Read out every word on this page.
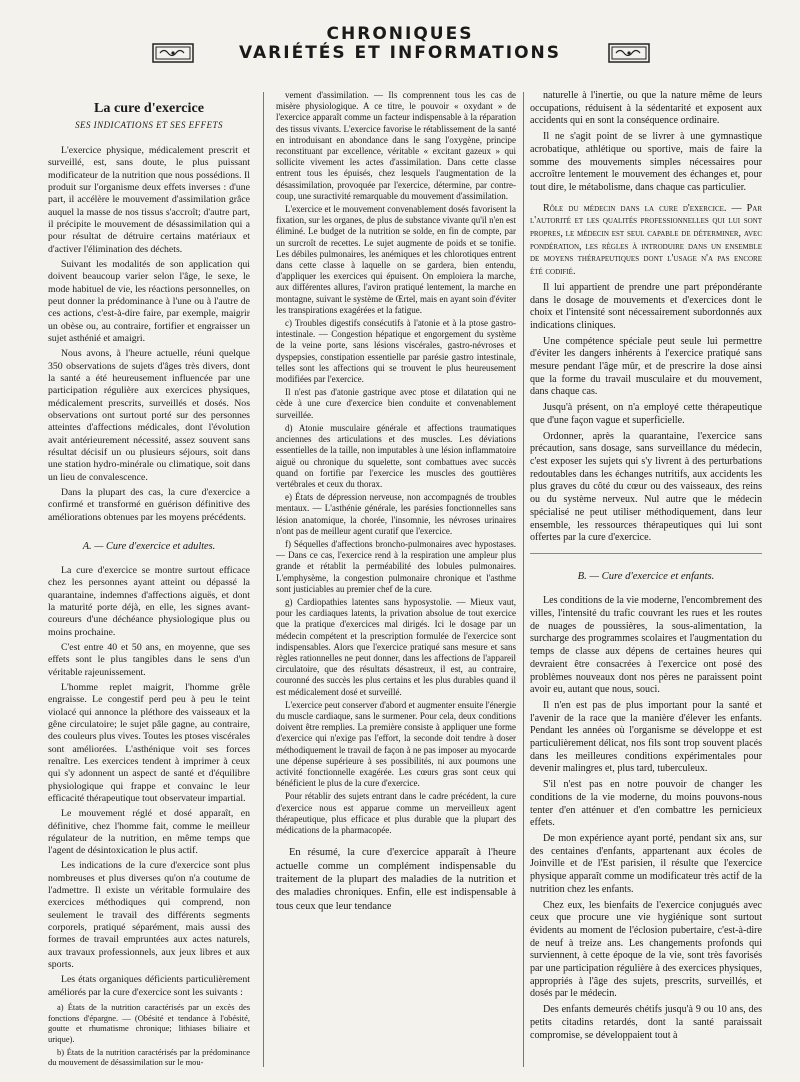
CHRONIQUES
VARIÉTÉS ET INFORMATIONS
La cure d'exercice
SES INDICATIONS ET SES EFFETS

L'exercice physique, médicalement prescrit et surveillé, est, sans doute, le plus puissant modificateur de la nutrition que nous possédions. Il produit sur l'organisme deux effets inverses : d'une part, il accélère le mouvement d'assimilation grâce auquel la masse de nos tissus s'accroît; d'autre part, il précipite le mouvement de désassimilation qui a pour résultat de détruire certains matériaux et d'activer l'élimination des déchets.

Suivant les modalités de son application qui doivent beaucoup varier selon l'âge, le sexe, le mode habituel de vie, les réactions personnelles, on peut donner la prédominance à l'une ou à l'autre de ces actions, c'est-à-dire faire, par exemple, maigrir un obèse ou, au contraire, fortifier et engraisser un sujet asthénié et amaigri.

Nous avons, à l'heure actuelle, réuni quelque 350 observations de sujets d'âges très divers, dont la santé a été heureusement influencée par une participation régulière aux exercices physiques, médicalement prescrits, surveillés et dosés. Nos observations ont surtout porté sur des personnes atteintes d'affections médicales, dont l'évolution avait antérieurement nécessité, assez souvent sans résultat décisif un ou plusieurs séjours, soit dans une station hydro-minérale ou climatique, soit dans un lieu de convalescence.

Dans la plupart des cas, la cure d'exercice a confirmé et transformé en guérison définitive des améliorations obtenues par les moyens précédents.

A. — Cure d'exercice et adultes.

La cure d'exercice se montre surtout efficace chez les personnes ayant atteint ou dépassé la quarantaine, indemnes d'affections aiguës, et dont la maturité porte déjà, en elle, les signes avant-coureurs d'une déchéance physiologique plus ou moins prochaine.

C'est entre 40 et 50 ans, en moyenne, que ses effets sont le plus tangibles dans le sens d'un véritable rajeunissement.

L'homme replet maigrit, l'homme grêle engraisse. Le congestif perd peu à peu le teint violacé qui annonce la pléthore des vaisseaux et la gêne circulatoire; le sujet pâle gagne, au contraire, des couleurs plus vives. Toutes les ptoses viscérales sont améliorées. L'asthénique voit ses forces renaître. Les exercices tendent à imprimer à ceux qui s'y adonnent un aspect de santé et d'équilibre physiologique qui frappe et convainc le leur efficacité thérapeutique tout observateur impartial.

Le mouvement réglé et dosé apparaît, en définitive, chez l'homme fait, comme le meilleur régulateur de la nutrition, en même temps que l'agent de désintoxication le plus actif.

Les indications de la cure d'exercice sont plus nombreuses et plus diverses qu'on n'a coutume de l'admettre. Il existe un véritable formulaire des exercices méthodiques qui comprend, non seulement le travail des différents segments corporels, pratiqué séparément, mais aussi des formes de travail empruntées aux actes naturels, aux travaux professionnels, aux jeux libres et aux sports.

Les états organiques déficients particulièrement améliorés par la cure d'exercice sont les suivants :

a) États de la nutrition caractérisés par un excès des fonctions d'épargne. — (Obésité et tendance à l'obésité, goutte et rhumatisme chronique; lithiases biliaire et urique).

b) États de la nutrition caractérisés par la prédominance du mouvement de désassimilation sur le mou-

vement d'assimilation. — Ils comprennent tous les cas de misère physiologique. A ce titre, le pouvoir « oxydant » de l'exercice apparaît comme un facteur indispensable à la réparation des tissus vivants. L'exercice favorise le rétablissement de la santé en introduisant en abondance dans le sang l'oxygène, principe reconstituant par excellence, véritable « excitant gazeux » qui sollicite vivement les actes d'assimilation. Dans cette classe entrent tous les épuisés, chez lesquels l'augmentation de la désassimilation, provoquée par l'exercice, détermine, par contre-coup, une suractivité remarquable du mouvement d'assimilation.

L'exercice et le mouvement convenablement dosés favorisent la fixation, sur les organes, de plus de substance vivante qu'il n'en est éliminé. Le budget de la nutrition se solde, en fin de compte, par un surcroît de recettes. Le sujet augmente de poids et se tonifie. Les débiles pulmonaires, les anémiques et les chlorotiques entrent dans cette classe à laquelle on se gardera, bien entendu, d'appliquer les exercices qui épuisent. On emploiera la marche, aux différentes allures, l'aviron pratiqué lentement, la marche en montagne, suivant le système de Œrtel, mais en ayant soin d'éviter les transpirations exagérées et la fatigue.

c) Troubles digestifs consécutifs à l'atonie et à la ptose gastro-intestinale. — Congestion hépatique et engorgement du système de la veine porte, sans lésions viscérales, gastro-névroses et dyspepsies, constipation essentielle par parésie gastro intestinale, telles sont les affections qui se trouvent le plus heureusement modifiées par l'exercice.

Il n'est pas d'atonie gastrique avec ptose et dilatation qui ne cède à une cure d'exercice bien conduite et convenablement surveillée.

d) Atonie musculaire générale et affections traumatiques anciennes des articulations et des muscles. Les déviations essentielles de la taille, non imputables à une lésion inflammatoire aiguë ou chronique du squelette, sont combattues avec succès quand on fortifie par l'exercice les muscles des gouttières vertébrales et ceux du thorax.

e) États de dépression nerveuse, non accompagnés de troubles mentaux. — L'asthénie générale, les parésies fonctionnelles sans lésion anatomique, la chorée, l'insomnie, les névroses urinaires n'ont pas de meilleur agent curatif que l'exercice.

f) Séquelles d'affections broncho-pulmonaires avec hypostases. — Dans ce cas, l'exercice rend à la respiration une ampleur plus grande et rétablit la perméabilité des lobules pulmonaires. L'emphysème, la congestion pulmonaire chronique et l'asthme sont justiciables au premier chef de la cure.

g) Cardiopathies latentes sans hyposystolie. — Mieux vaut, pour les cardiaques latents, la privation absolue de tout exercice que la pratique d'exercices mal dirigés. Ici le dosage par un médecin compétent et la prescription formulée de l'exercice sont indispensables. Alors que l'exercice pratiqué sans mesure et sans règles rationnelles ne peut donner, dans les affections de l'appareil circulatoire, que des résultats désastreux, il est, au contraire, couronné des succès les plus certains et les plus durables quand il est médicalement dosé et surveillé.

L'exercice peut conserver d'abord et augmenter ensuite l'énergie du muscle cardiaque, sans le surmener. Pour cela, deux conditions doivent être remplies. La première consiste à appliquer une forme d'exercice qui n'exige pas l'effort, la seconde doit tendre à doser méthodiquement le travail de façon à ne pas imposer au myocarde une dépense supérieure à ses possibilités, ni aux poumons une activité fonctionnelle exagérée. Les cœurs gras sont ceux qui bénéficient le plus de la cure d'exercice.

Pour rétablir des sujets entrant dans le cadre précédent, la cure d'exercice nous est apparue comme un merveilleux agent thérapeutique, plus efficace et plus durable que la plupart des médications de la pharmacopée.

En résumé, la cure d'exercice apparaît à l'heure actuelle comme un complément indispensable du traitement de la plupart des maladies de la nutrition et des maladies chroniques. Enfin, elle est indispensable à tous ceux que leur tendance

naturelle à l'inertie, ou que la nature même de leurs occupations, réduisent à la sédentarité et exposent aux accidents qui en sont la conséquence ordinaire.

Il ne s'agit point de se livrer à une gymnastique acrobatique, athlétique ou sportive, mais de faire la somme des mouvements simples nécessaires pour accroître lentement le mouvement des échanges et, pour tout dire, le métabolisme, dans chaque cas particulier.

Rôle du médecin dans la cure d'exercice. — Par l'autorité et les qualités professionnelles qui lui sont propres, le médecin est seul capable de déterminer, avec pondération, les règles à introduire dans un ensemble de moyens thérapeutiques dont l'usage n'a pas encore été codifié.

Il lui appartient de prendre une part prépondérante dans le dosage de mouvements et d'exercices dont le choix et l'intensité sont nécessairement subordonnés aux indications cliniques.

Une compétence spéciale peut seule lui permettre d'éviter les dangers inhérents à l'exercice pratiqué sans mesure pendant l'âge mûr, et de prescrire la dose ainsi que la forme du travail musculaire et du mouvement, dans chaque cas.

Jusqu'à présent, on n'a employé cette thérapeutique que d'une façon vague et superficielle.

Ordonner, après la quarantaine, l'exercice sans précaution, sans dosage, sans surveillance du médecin, c'est exposer les sujets qui s'y livrent à des perturbations redoutables dans les échanges nutritifs, aux accidents les plus graves du côté du cœur ou des vaisseaux, des reins ou du système nerveux. Nul autre que le médecin spécialisé ne peut utiliser méthodiquement, dans leur ensemble, les ressources thérapeutiques qui lui sont offertes par la cure d'exercice.

B. — Cure d'exercice et enfants.

Les conditions de la vie moderne, l'encombrement des villes, l'intensité du trafic couvrant les rues et les routes de nuages de poussières, la sous-alimentation, la surcharge des programmes scolaires et l'augmentation du temps de classe aux dépens de certaines heures qui devraient être consacrées à l'exercice ont posé des problèmes nouveaux dont nos pères ne paraissent point avoir eu, autant que nous, souci.

Il n'en est pas de plus important pour la santé et l'avenir de la race que la manière d'élever les enfants. Pendant les années où l'organisme se développe et est particulièrement délicat, nos fils sont trop souvent placés dans les meilleures conditions expérimentales pour devenir malingres et, plus tard, tuberculeux.

S'il n'est pas en notre pouvoir de changer les conditions de la vie moderne, du moins pouvons-nous tenter d'en atténuer et d'en combattre les pernicieux effets.

De mon expérience ayant porté, pendant six ans, sur des centaines d'enfants, appartenant aux écoles de Joinville et de l'Est parisien, il résulte que l'exercice physique apparaît comme un modificateur très actif de la nutrition chez les enfants.

Chez eux, les bienfaits de l'exercice conjugués avec ceux que procure une vie hygiénique sont surtout évidents au moment de l'éclosion pubertaire, c'est-à-dire de neuf à treize ans. Les changements profonds qui surviennent, à cette époque de la vie, sont très favorisés par une participation régulière à des exercices physiques, appropriés à l'âge des sujets, prescrits, surveillés, et dosés par le médecin.

Des enfants demeurés chétifs jusqu'à 9 ou 10 ans, des petits citadins retardés, dont la santé paraissait compromise, se développaient tout à
